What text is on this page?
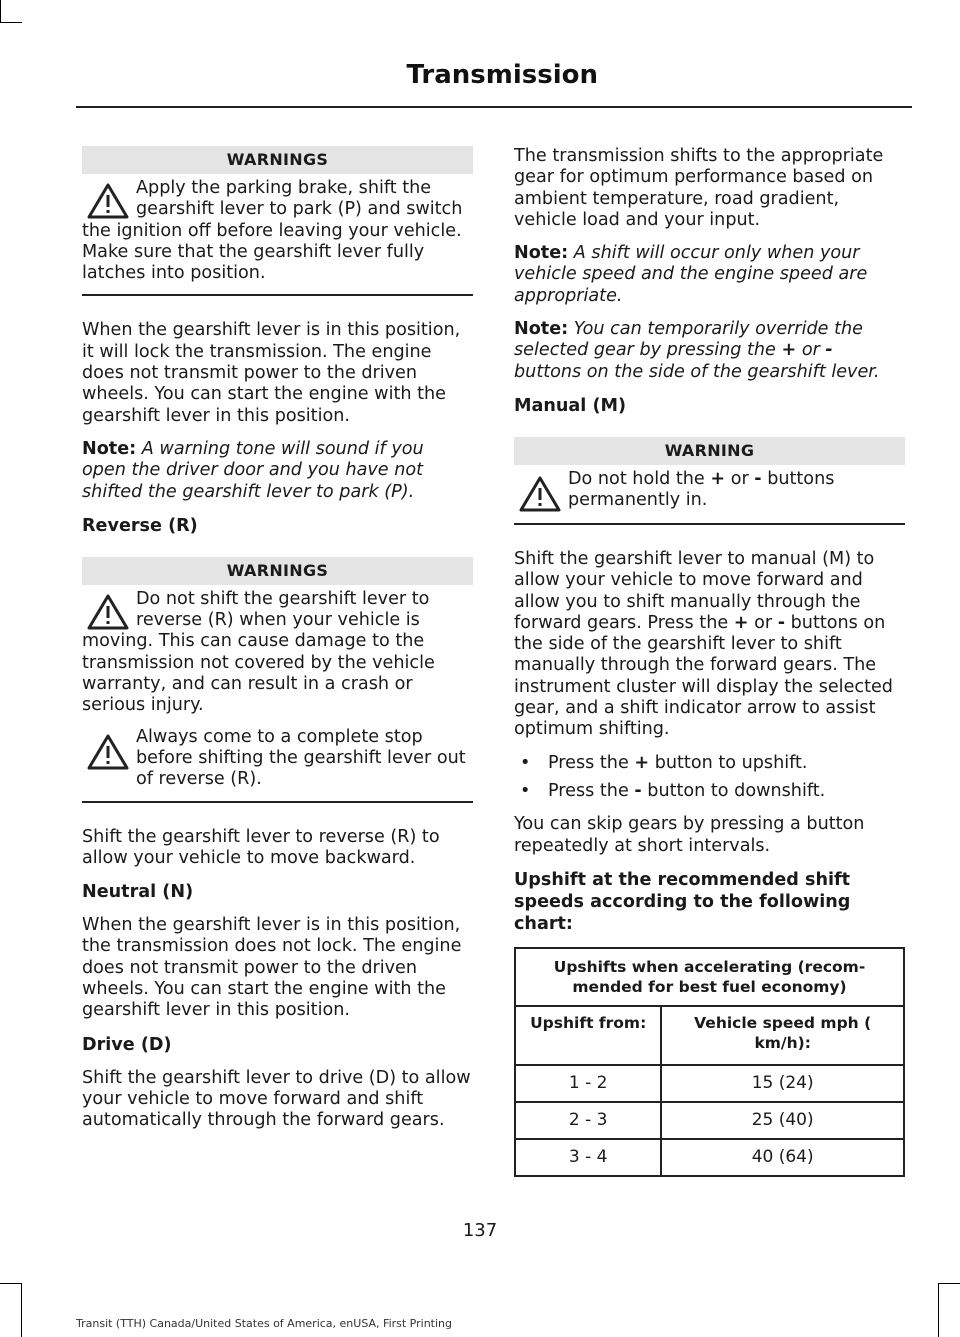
Transmission
WARNINGS
Apply the parking brake, shift the gearshift lever to park (P) and switch the ignition off before leaving your vehicle. Make sure that the gearshift lever fully latches into position.

When the gearshift lever is in this position, it will lock the transmission. The engine does not transmit power to the driven wheels. You can start the engine with the gearshift lever in this position.

Note: A warning tone will sound if you open the driver door and you have not shifted the gearshift lever to park (P).

Reverse (R)
WARNINGS
Do not shift the gearshift lever to reverse (R) when your vehicle is moving. This can cause damage to the transmission not covered by the vehicle warranty, and can result in a crash or serious injury.
Always come to a complete stop before shifting the gearshift lever out of reverse (R).

Shift the gearshift lever to reverse (R) to allow your vehicle to move backward.

Neutral (N)

When the gearshift lever is in this position, the transmission does not lock. The engine does not transmit power to the driven wheels. You can start the engine with the gearshift lever in this position.

Drive (D)

Shift the gearshift lever to drive (D) to allow your vehicle to move forward and shift automatically through the forward gears.

The transmission shifts to the appropriate gear for optimum performance based on ambient temperature, road gradient, vehicle load and your input.

Note: A shift will occur only when your vehicle speed and the engine speed are appropriate.

Note: You can temporarily override the selected gear by pressing the + or - buttons on the side of the gearshift lever.

Manual (M)
WARNING
Do not hold the + or - buttons permanently in.

Shift the gearshift lever to manual (M) to allow your vehicle to move forward and allow you to shift manually through the forward gears. Press the + or - buttons on the side of the gearshift lever to shift manually through the forward gears. The instrument cluster will display the selected gear, and a shift indicator arrow to assist optimum shifting.

• Press the + button to upshift.
• Press the - button to downshift.

You can skip gears by pressing a button repeatedly at short intervals.

Upshift at the recommended shift speeds according to the following chart:
Upshifts when accelerating (recom- mended for best fuel economy)	
Upshift from:	Vehicle speed mph ( km/h):
1 - 2	15 (24)
2 - 3	25 (40)
3 - 4	40 (64)
137
Transit (TTH) Canada/United States of America, enUSA, First Printing
